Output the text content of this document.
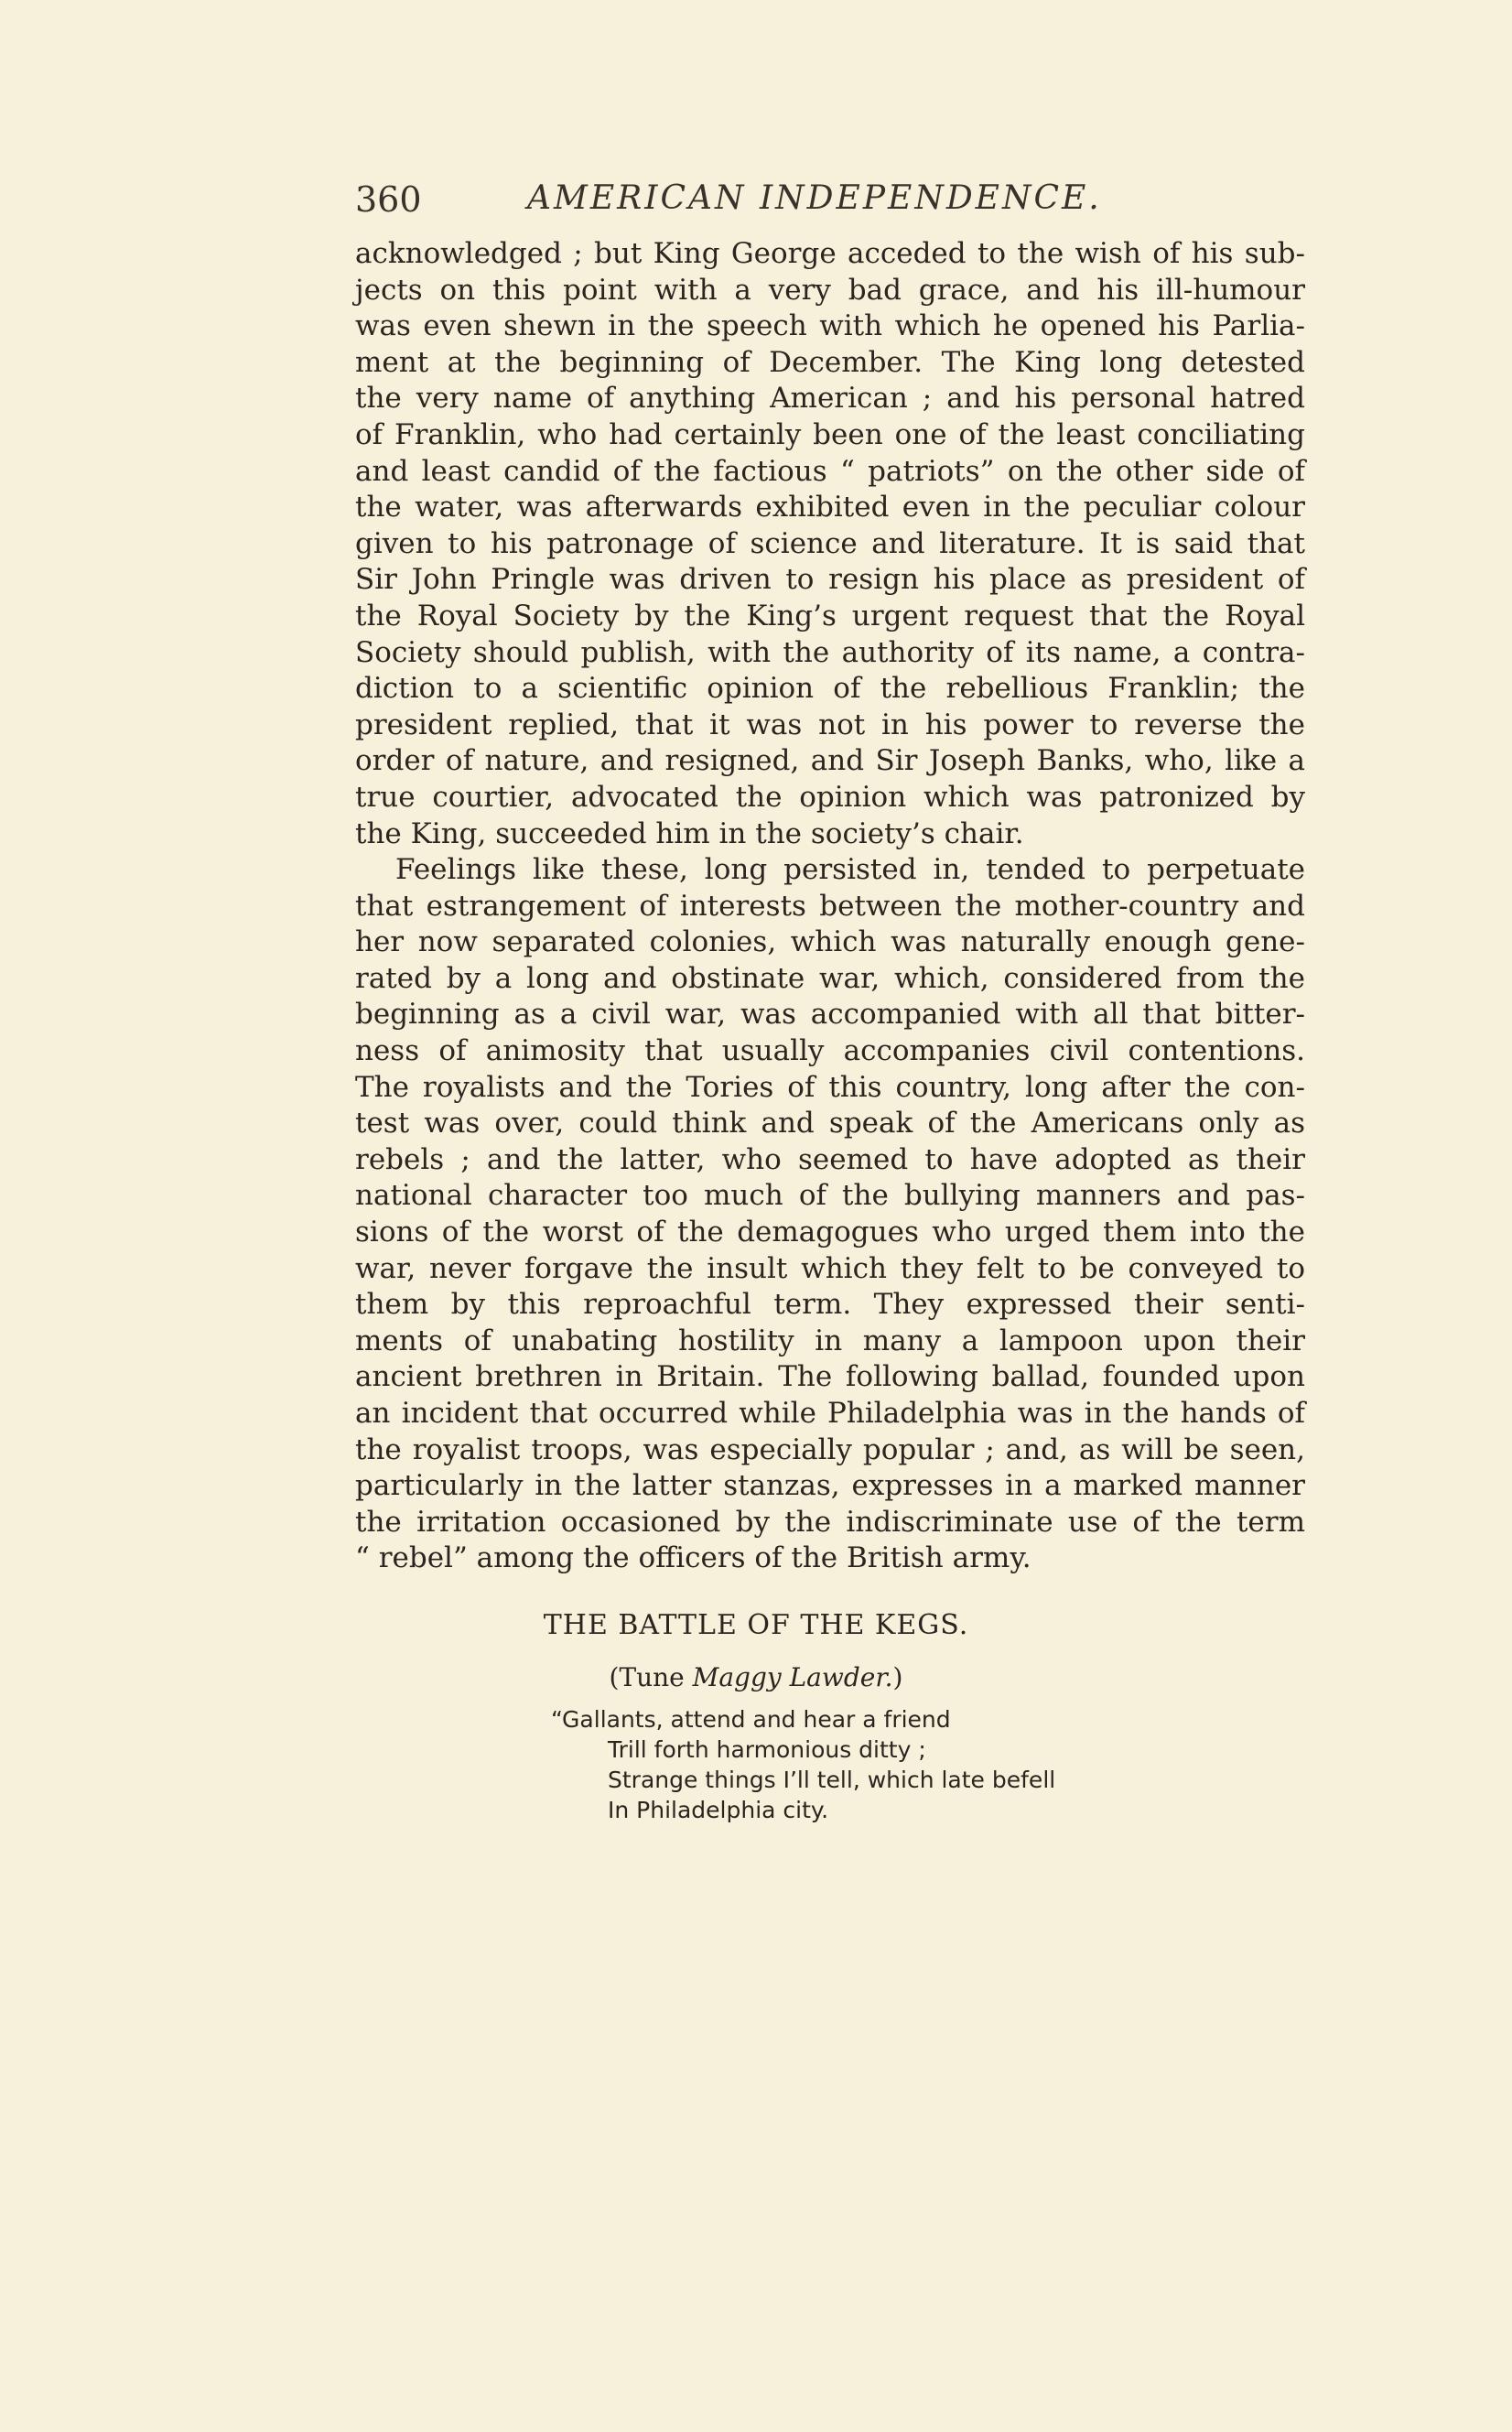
360	AMERICAN INDEPENDENCE.
acknowledged ; but King George acceded to the wish of his sub-
jects on this point with a very bad grace, and his ill-humour
was even shewn in the speech with which he opened his Parlia-
ment at the beginning of December. The King long detested
the very name of anything American ; and his personal hatred
of Franklin, who had certainly been one of the least conciliating
and least candid of the factious “ patriots” on the other side of
the water, was afterwards exhibited even in the peculiar colour
given to his patronage of science and literature. It is said that
Sir John Pringle was driven to resign his place as president of
the Royal Society by the King’s urgent request that the Royal
Society should publish, with the authority of its name, a contra-
diction to a scientific opinion of the rebellious Franklin; the
president replied, that it was not in his power to reverse the
order of nature, and resigned, and Sir Joseph Banks, who, like a
true courtier, advocated the opinion which was patronized by
the King, succeeded him in the society’s chair.
Feelings like these, long persisted in, tended to perpetuate
that estrangement of interests between the mother-country and
her now separated colonies, which was naturally enough gene-
rated by a long and obstinate war, which, considered from the
beginning as a civil war, was accompanied with all that bitter-
ness of animosity that usually accompanies civil contentions.
The royalists and the Tories of this country, long after the con-
test was over, could think and speak of the Americans only as
rebels ; and the latter, who seemed to have adopted as their
national character too much of the bullying manners and pas-
sions of the worst of the demagogues who urged them into the
war, never forgave the insult which they felt to be conveyed to
them by this reproachful term. They expressed their senti-
ments of unabating hostility in many a lampoon upon their
ancient brethren in Britain. The following ballad, founded upon
an incident that occurred while Philadelphia was in the hands of
the royalist troops, was especially popular ; and, as will be seen,
particularly in the latter stanzas, expresses in a marked manner
the irritation occasioned by the indiscriminate use of the term
“ rebel” among the officers of the British army.
THE BATTLE OF THE KEGS.
(Tune Maggy Lawder.)
“Gallants, attend and hear a friend
Trill forth harmonious ditty ;
Strange things I’ll tell, which late befell
In Philadelphia city.
